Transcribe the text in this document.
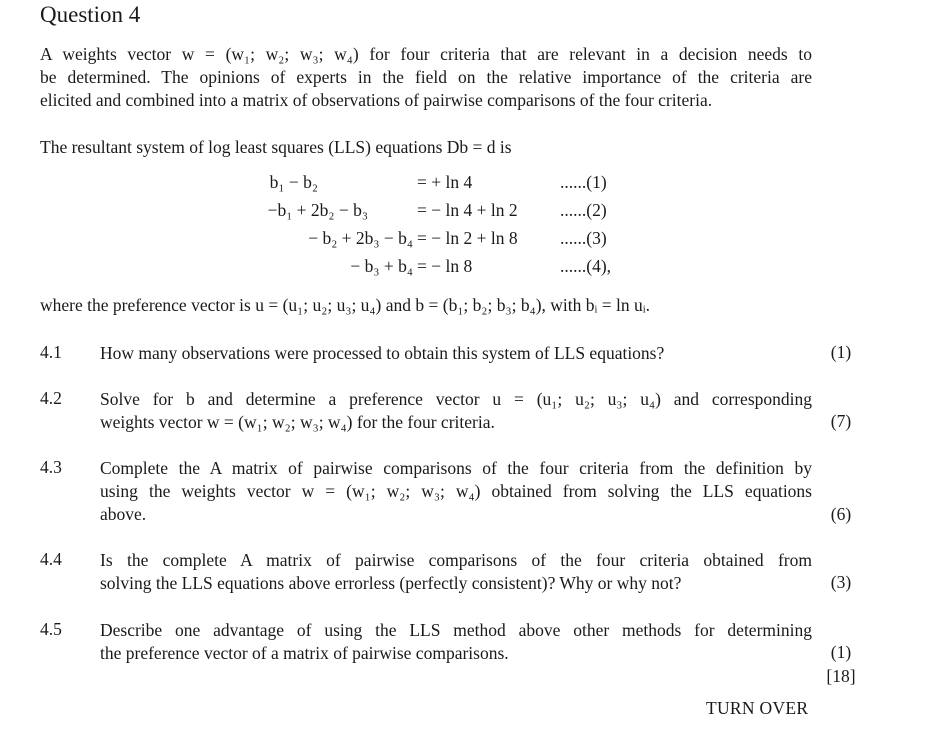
Question 4
A weights vector w = (w₁; w₂; w₃; w₄) for four criteria that are relevant in a decision needs to
be determined. The opinions of experts in the field on the relative importance of the criteria are
elicited and combined into a matrix of observations of pairwise comparisons of the four criteria.
The resultant system of log least squares (LLS) equations Db = d is
b₁ − b₂	= + ln 4	......(1)
−b₁ + 2b₂ − b₃	= − ln 4 + ln 2 ......(2)
− b₂ + 2b₃ − b₄ = − ln 2 + ln 8 ......(3)
− b₃ + b₄ = − ln 8	......(4),
where the preference vector is u = (u₁; u₂; u₃; u₄) and b = (b₁; b₂; b₃; b₄), with bᵢ = ln uᵢ.
4.1 How many observations were processed to obtain this system of LLS equations?	(1)
4.2 Solve for b and determine a preference vector u = (u₁; u₂; u₃; u₄) and corresponding
weights vector w = (w₁; w₂; w₃; w₄) for the four criteria.	(7)
4.3 Complete the A matrix of pairwise comparisons of the four criteria from the definition by
using the weights vector w = (w₁; w₂; w₃; w₄) obtained from solving the LLS equations
above.	(6)
4.4 Is the complete A matrix of pairwise comparisons of the four criteria obtained from
solving the LLS equations above errorless (perfectly consistent)? Why or why not?	(3)
4.5 Describe one advantage of using the LLS method above other methods for determining
the preference vector of a matrix of pairwise comparisons.	(1)
[18]
TURN OVER
